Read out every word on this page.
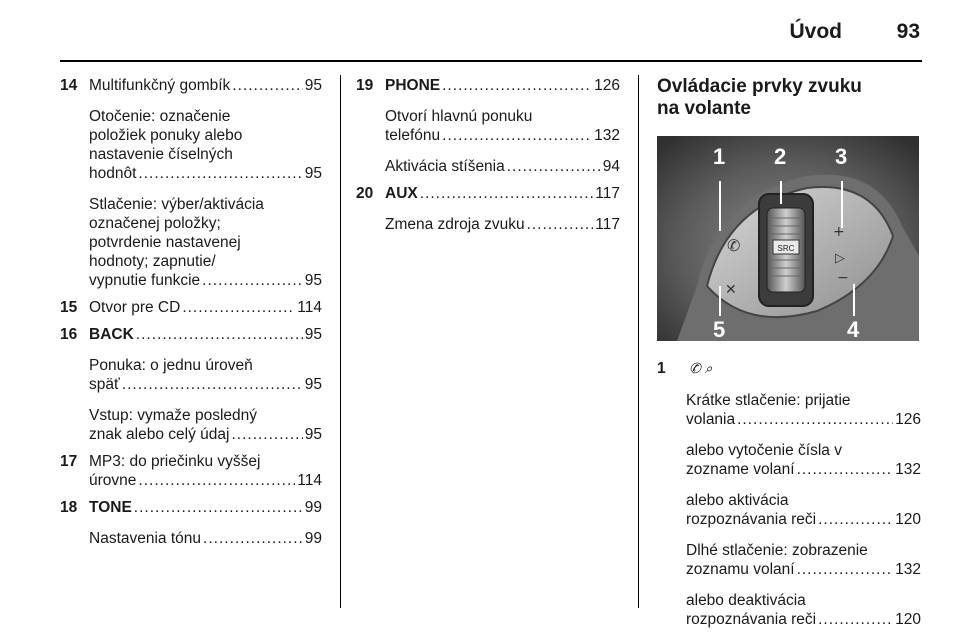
Úvod	93
14 Multifunkčný gombík .....	95
Otočenie: označenie
položiek ponuky alebo
nastavenie číselných
hodnôt .....	95
Stlačenie: výber/aktivácia
označenej položky;
potvrdenie nastavenej
hodnoty; zapnutie/
vypnutie funkcie .....	95
15 Otvor pre CD .....	114
16 BACK .....	95
Ponuka: o jednu úroveň
späť .....	95
Vstup: vymaže posledný
znak alebo celý údaj .....	95
17 MP3: do priečinku vyššej
úrovne .....	114
18 TONE .....	99
Nastavenia tónu .....	99
19 PHONE .....	126
Otvorí hlavnú ponuku
telefónu .....	132
Aktivácia stíšenia .....	94
20 AUX .....	117
Zmena zdroja zvuku .....	117
Ovládacie prvky zvuku na volante
SRC
✆
✕
+
▷
−
1 2 3
4
5
1 ✆ ⌕
Krátke stlačenie: prijatie
volania .....	126
alebo vytočenie čísla v
zozname volaní .....	132
alebo aktivácia
rozpoznávania reči .....	120
Dlhé stlačenie: zobrazenie
zoznamu volaní .....	132
alebo deaktivácia
rozpoznávania reči .....	120
